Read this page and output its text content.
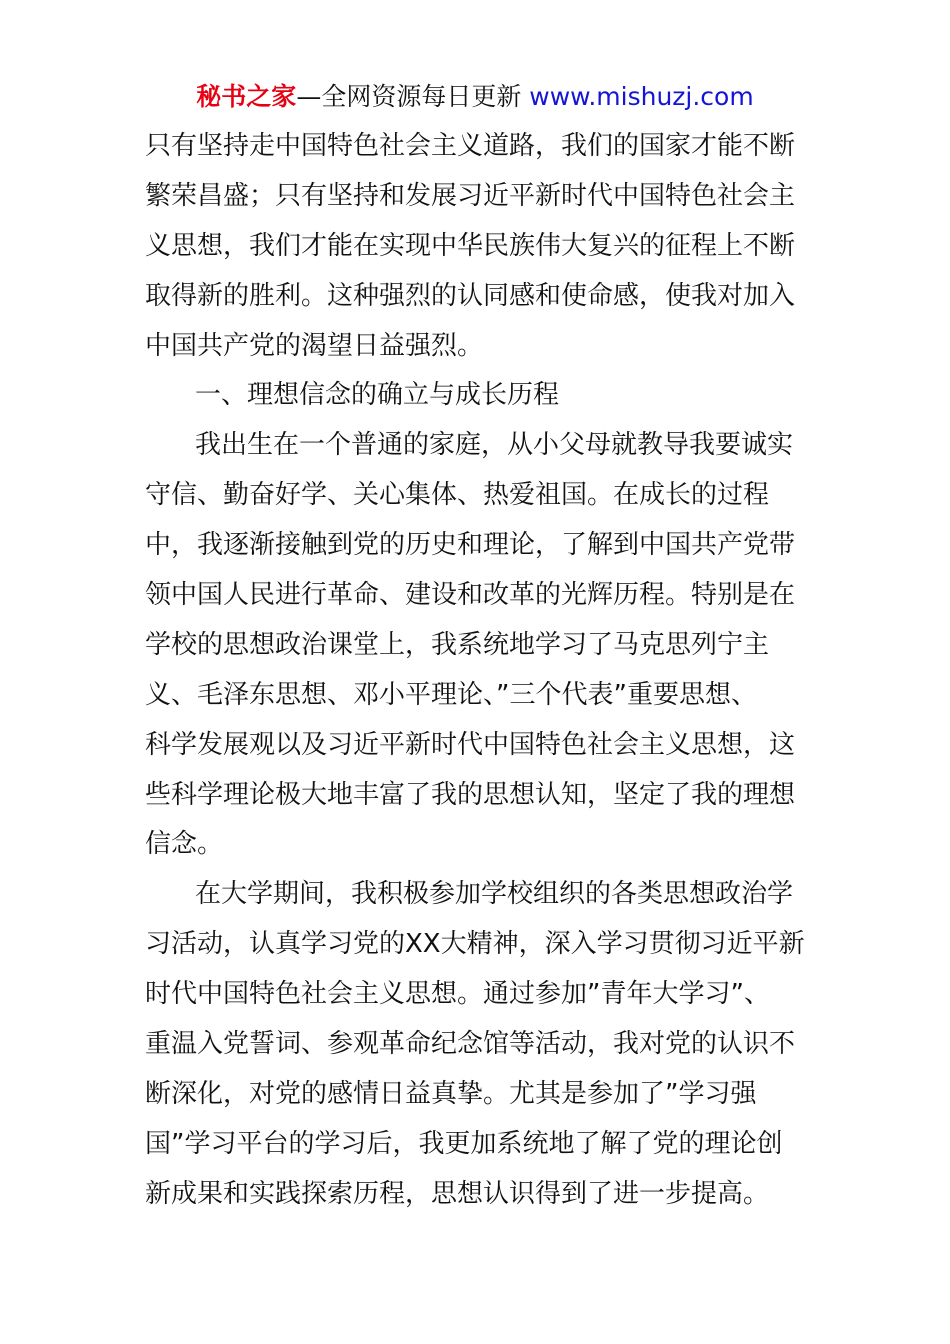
秘书之家—全网资源每日更新 www.mishuzj.com
只有坚持走中国特色社会主义道路，我们的国家才能不断
繁荣昌盛；只有坚持和发展习近平新时代中国特色社会主
义思想，我们才能在实现中华民族伟大复兴的征程上不断
取得新的胜利。这种强烈的认同感和使命感，使我对加入
中国共产党的渴望日益强烈。
一、理想信念的确立与成长历程
我出生在一个普通的家庭，从小父母就教导我要诚实
守信、勤奋好学、关心集体、热爱祖国。在成长的过程
中，我逐渐接触到党的历史和理论，了解到中国共产党带
领中国人民进行革命、建设和改革的光辉历程。特别是在
学校的思想政治课堂上，我系统地学习了马克思列宁主
义、毛泽东思想、邓小平理论、”三个代表”重要思想、
科学发展观以及习近平新时代中国特色社会主义思想，这
些科学理论极大地丰富了我的思想认知，坚定了我的理想
信念。
在大学期间，我积极参加学校组织的各类思想政治学
习活动，认真学习党的XX大精神，深入学习贯彻习近平新
时代中国特色社会主义思想。通过参加”青年大学习”、
重温入党誓词、参观革命纪念馆等活动，我对党的认识不
断深化，对党的感情日益真挚。尤其是参加了”学习强
国”学习平台的学习后，我更加系统地了解了党的理论创
新成果和实践探索历程，思想认识得到了进一步提高。
